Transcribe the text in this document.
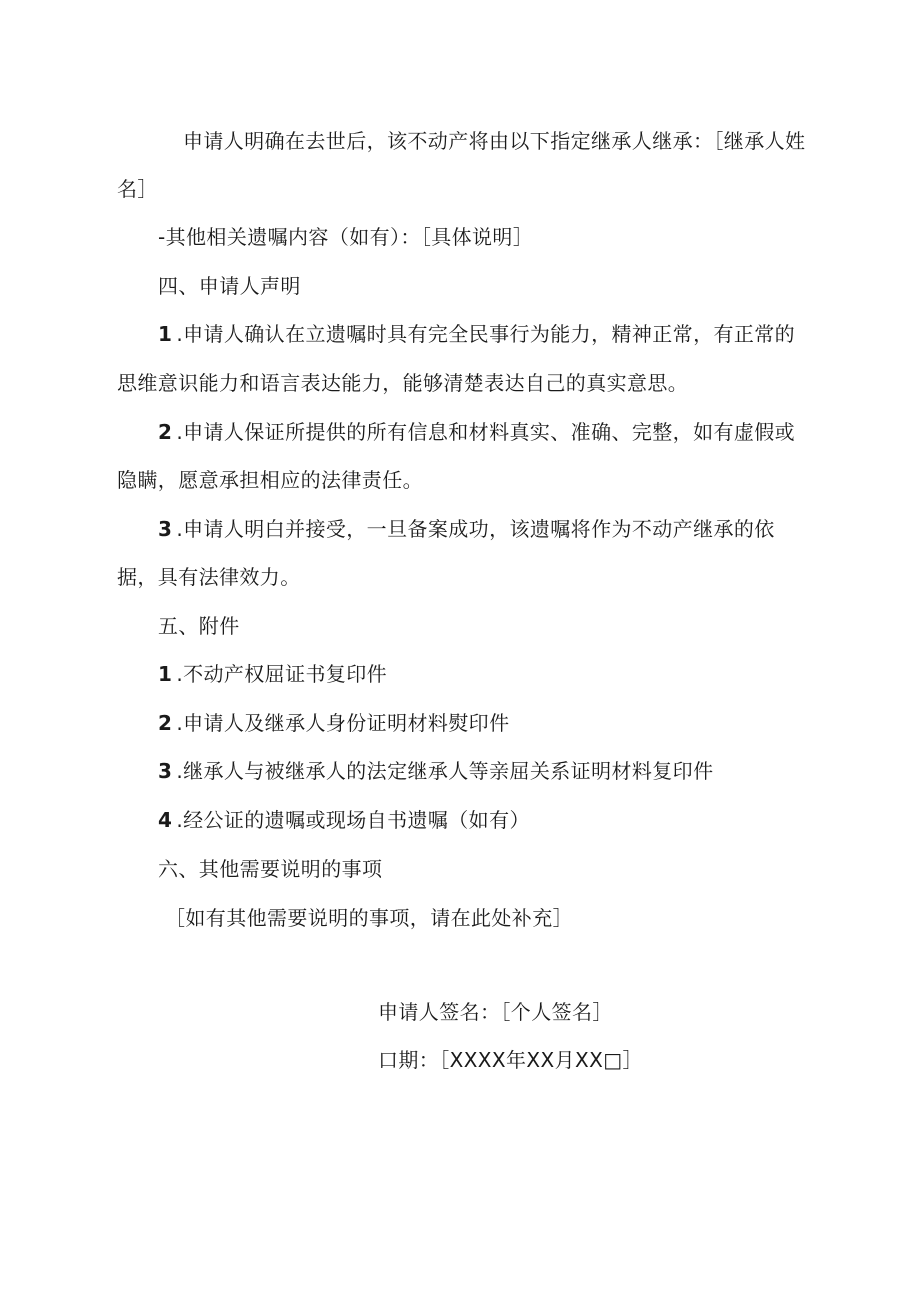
申请人明确在去世后，该不动产将由以下指定继承人继承：［继承人姓
名］
-其他相关遗嘱内容（如有）：［具体说明］
四、申请人声明
1 .申请人确认在立遗嘱时具有完全民事行为能力，精神正常，有正常的
思维意识能力和语言表达能力，能够清楚表达自己的真实意思。
2 .申请人保证所提供的所有信息和材料真实、准确、完整，如有虚假或
隐瞒，愿意承担相应的法律责任。
3 .申请人明白并接受，一旦备案成功，该遗嘱将作为不动产继承的依
据，具有法律效力。
五、附件
1 .不动产权屈证书复印件
2 .申请人及继承人身份证明材料熨印件
3 .继承人与被继承人的法定继承人等亲屈关系证明材料复印件
4 .经公证的遗嘱或现场自书遗嘱（如有）
六、其他需要说明的事项
［如有其他需要说明的事项，请在此处补充］
申请人签名：［个人签名］
口期：［XXXX年XX月XX□］
